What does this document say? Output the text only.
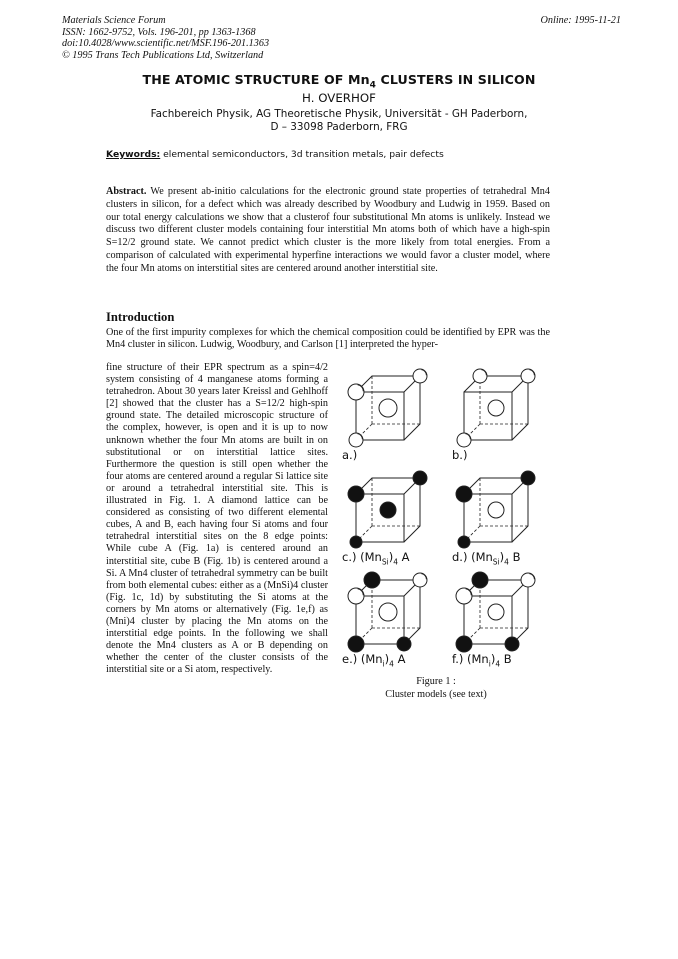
Materials Science Forum
ISSN: 1662-9752, Vols. 196-201, pp 1363-1368
doi:10.4028/www.scientific.net/MSF.196-201.1363
© 1995 Trans Tech Publications Ltd, Switzerland
Online: 1995-11-21
THE ATOMIC STRUCTURE OF $Mn_4$ CLUSTERS IN SILICON
H. OVERHOF
Fachbereich Physik, AG Theoretische Physik, Universität - GH Paderborn,
D – 33098 Paderborn, FRG
Keywords: elemental semiconductors, 3d transition metals, pair defects
Abstract. We present ab-initio calculations for the electronic ground state properties of tetrahedral Mn4 clusters in silicon, for a defect which was already described by Woodbury and Ludwig in 1959. Based on our total energy calculations we show that a clusterof four substitutional Mn atoms is unlikely. Instead we discuss two different cluster models containing four interstitial Mn atoms both of which have a high-spin S=12/2 ground state. We cannot predict which cluster is the more likely from total energies. From a comparison of calculated with experimental hyperfine interactions we would favor a cluster model, where the four Mn atoms on interstitial sites are centered around another interstitial site.
Introduction
One of the first impurity complexes for which the chemical composition could be identified by EPR was the Mn4 cluster in silicon. Ludwig, Woodbury, and Carlson [1] interpreted the hyper-
fine structure of their EPR spectrum as a spin=4/2 system consisting of 4 manganese atoms forming a tetrahedron. About 30 years later Kreissl and Gehlhoff [2] showed that the cluster has a S=12/2 high-spin ground state. The detailed microscopic structure of the complex, however, is open and it is up to now unknown whether the four Mn atoms are built in on substitutional or on interstitial lattice sites. Furthermore the question is still open whether the four atoms are centered around a regular Si lattice site or around a tetrahedral interstitial site. This is illustrated in Fig. 1. A diamond lattice can be considered as consisting of two different elemental cubes, A and B, each having four Si atoms and four tetrahedral interstitial sites on the 8 edge points: While cube A (Fig. 1a) is centered around an interstitial site, cube B (Fig. 1b) is centered around a Si. A Mn4 cluster of tetrahedral symmetry can be built from both elemental cubes: either as a (MnSi)4 cluster (Fig. 1c, 1d) by substituting the Si atoms at the corners by Mn atoms or alternatively (Fig. 1e,f) as (Mni)4 cluster by placing the Mn atoms on the interstitial edge points. In the following we shall denote the Mn4 clusters as A or B depending on whether the center of the cluster consists of the interstitial site or a Si atom, respectively.
a.)	b.)
c.) $(Mn_{Si})_4$ A	d.) $(Mn_{Si})_4$ B
e.) $(Mn_i)_4$ A	f.) $(Mn_i)_4$ B
Figure 1 :
Cluster models (see text)
